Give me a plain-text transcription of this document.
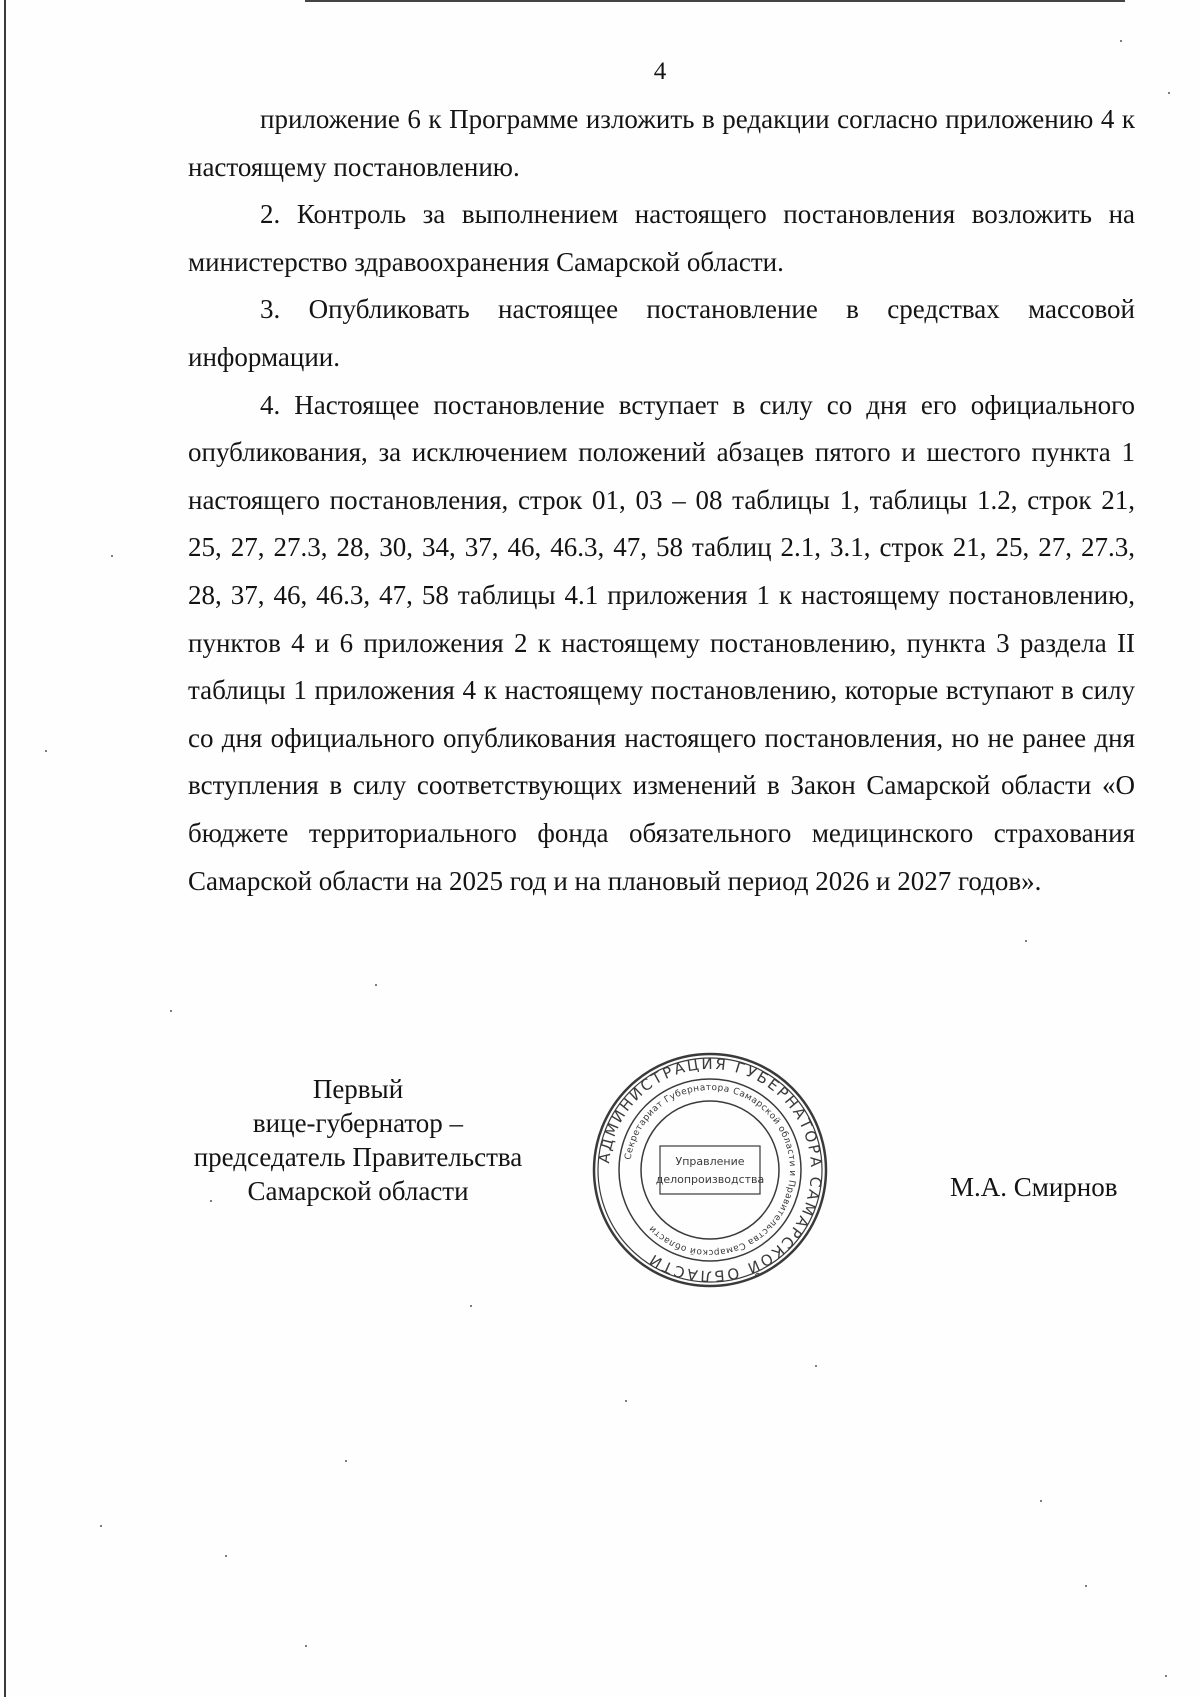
4

приложение 6 к Программе изложить в редакции согласно приложению 4 к настоящему постановлению.

2. Контроль за выполнением настоящего постановления возложить на министерство здравоохранения Самарской области.

3. Опубликовать настоящее постановление в средствах массовой информации.

4. Настоящее постановление вступает в силу со дня его официального опубликования, за исключением положений абзацев пятого и шестого пункта 1 настоящего постановления, строк 01, 03 – 08 таблицы 1, таблицы 1.2, строк 21, 25, 27, 27.3, 28, 30, 34, 37, 46, 46.3, 47, 58 таблиц 2.1, 3.1, строк 21, 25, 27, 27.3, 28, 37, 46, 46.3, 47, 58 таблицы 4.1 приложения 1 к настоящему постановлению, пунктов 4 и 6 приложения 2 к настоящему постановлению, пункта 3 раздела II таблицы 1 приложения 4 к настоящему постановлению, которые вступают в силу со дня официального опубликования настоящего постановления, но не ранее дня вступления в силу соответствующих изменений в Закон Самарской области «О бюджете территориального фонда обязательного медицинского страхования Самарской области на 2025 год и на плановый период 2026 и 2027 годов».

Первый
вице-губернатор –
председатель Правительства
Самарской области	М.А. Смирнов
АДМИНИСТРАЦИЯ ГУБЕРНАТОРА САМАРСКОЙ ОБЛАСТИ
Секретариат Губернатора Самарской области и Правительства Самарской области
Управление
делопроизводства
